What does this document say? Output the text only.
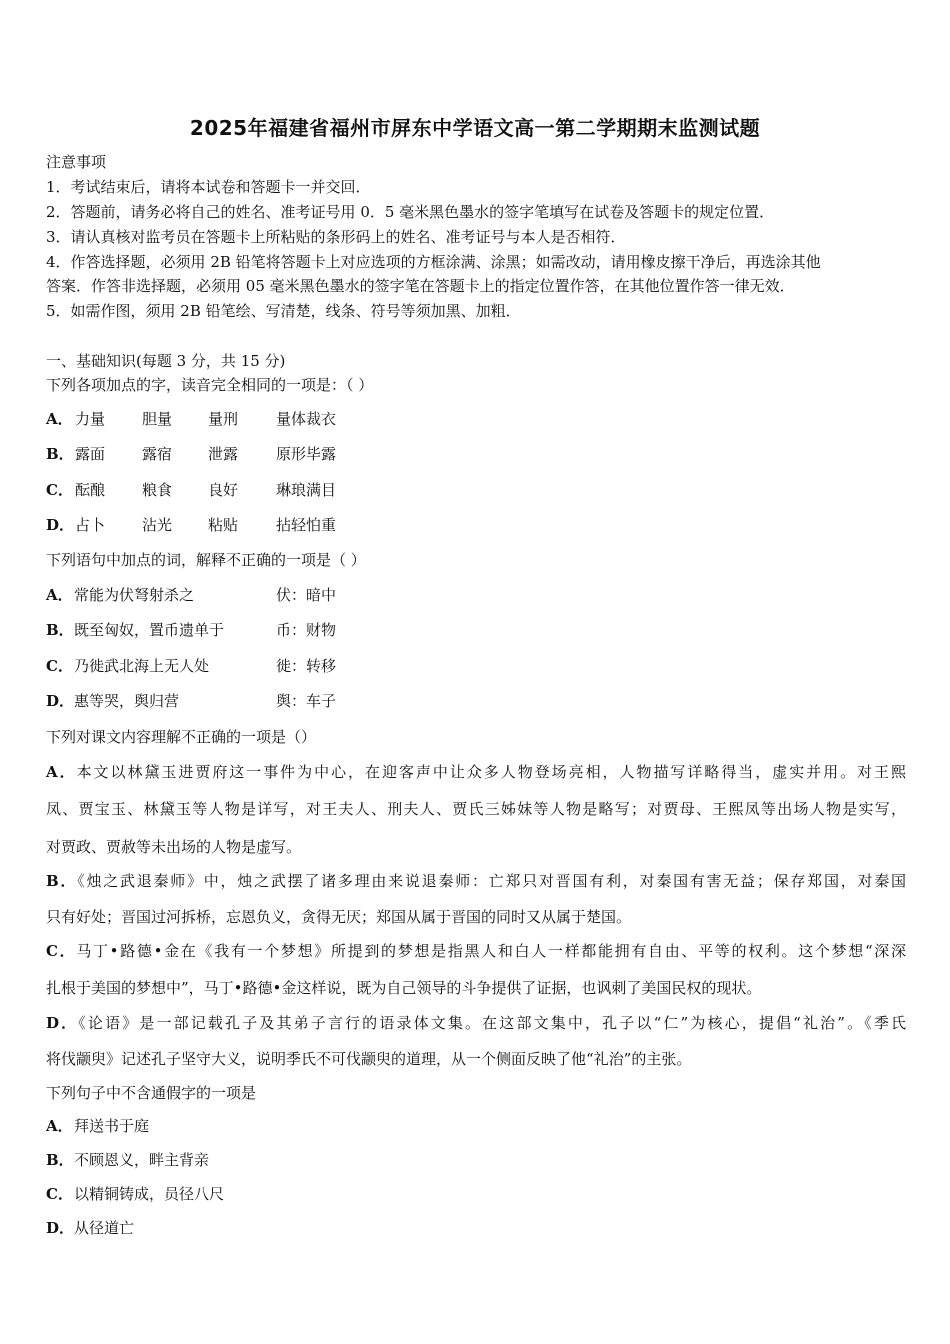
2025年福建省福州市屏东中学语文高一第二学期期末监测试题
注意事项
1．考试结束后，请将本试卷和答题卡一并交回．
2．答题前，请务必将自己的姓名、准考证号用 0．5 毫米黑色墨水的签字笔填写在试卷及答题卡的规定位置．
3．请认真核对监考员在答题卡上所粘贴的条形码上的姓名、准考证号与本人是否相符．
4．作答选择题，必须用 2B 铅笔将答题卡上对应选项的方框涂满、涂黑；如需改动，请用橡皮擦干净后，再选涂其他
答案．作答非选择题，必须用 05 毫米黑色墨水的签字笔在答题卡上的指定位置作答，在其他位置作答一律无效．
5．如需作图，须用 2B 铅笔绘、写清楚，线条、符号等须加黑、加粗．
一、基础知识(每题 3 分，共 15 分)
下列各项加点的字，读音完全相同的一项是：（ ）
A． 力量 胆量 量刑	量体裁衣
B． 露面 露宿 泄露	原形毕露
C． 酝酿 粮食 良好	琳琅满目
D． 占卜 沾光 粘贴	拈轻怕重
下列语句中加点的词，解释不正确的一项是（ ）
A．常能为伏弩射杀之	伏：暗中
B．既至匈奴，置币遗单于	币：财物
C．乃徙武北海上无人处	徙：转移
D．惠等哭，舆归营	舆：车子
下列对课文内容理解不正确的一项是（）
A．本文以林黛玉进贾府这一事件为中心，在迎客声中让众多人物登场亮相，人物描写详略得当，虚实并用。对王熙
凤、贾宝玉、林黛玉等人物是详写，对王夫人、刑夫人、贾氏三姊妹等人物是略写；对贾母、王熙凤等出场人物是实写，
对贾政、贾赦等未出场的人物是虚写。
B．《烛之武退秦师》中，烛之武摆了诸多理由来说退秦师：亡郑只对晋国有利，对秦国有害无益；保存郑国，对秦国
只有好处；晋国过河拆桥，忘恩负义，贪得无厌；郑国从属于晋国的同时又从属于楚国。
C．马丁•路德•金在《我有一个梦想》所提到的梦想是指黑人和白人一样都能拥有自由、平等的权利。这个梦想“深深
扎根于美国的梦想中”，马丁•路德•金这样说，既为自己领导的斗争提供了证据，也讽刺了美国民权的现状。
D．《论语》是一部记载孔子及其弟子言行的语录体文集。在这部文集中，孔子以“仁”为核心，提倡“礼治”。《季氏
将伐颛臾》记述孔子坚守大义，说明季氏不可伐颛臾的道理，从一个侧面反映了他“礼治”的主张。
下列句子中不含通假字的一项是
A．拜送书于庭
B．不顾恩义，畔主背亲
C．以精铜铸成，员径八尺
D．从径道亡
